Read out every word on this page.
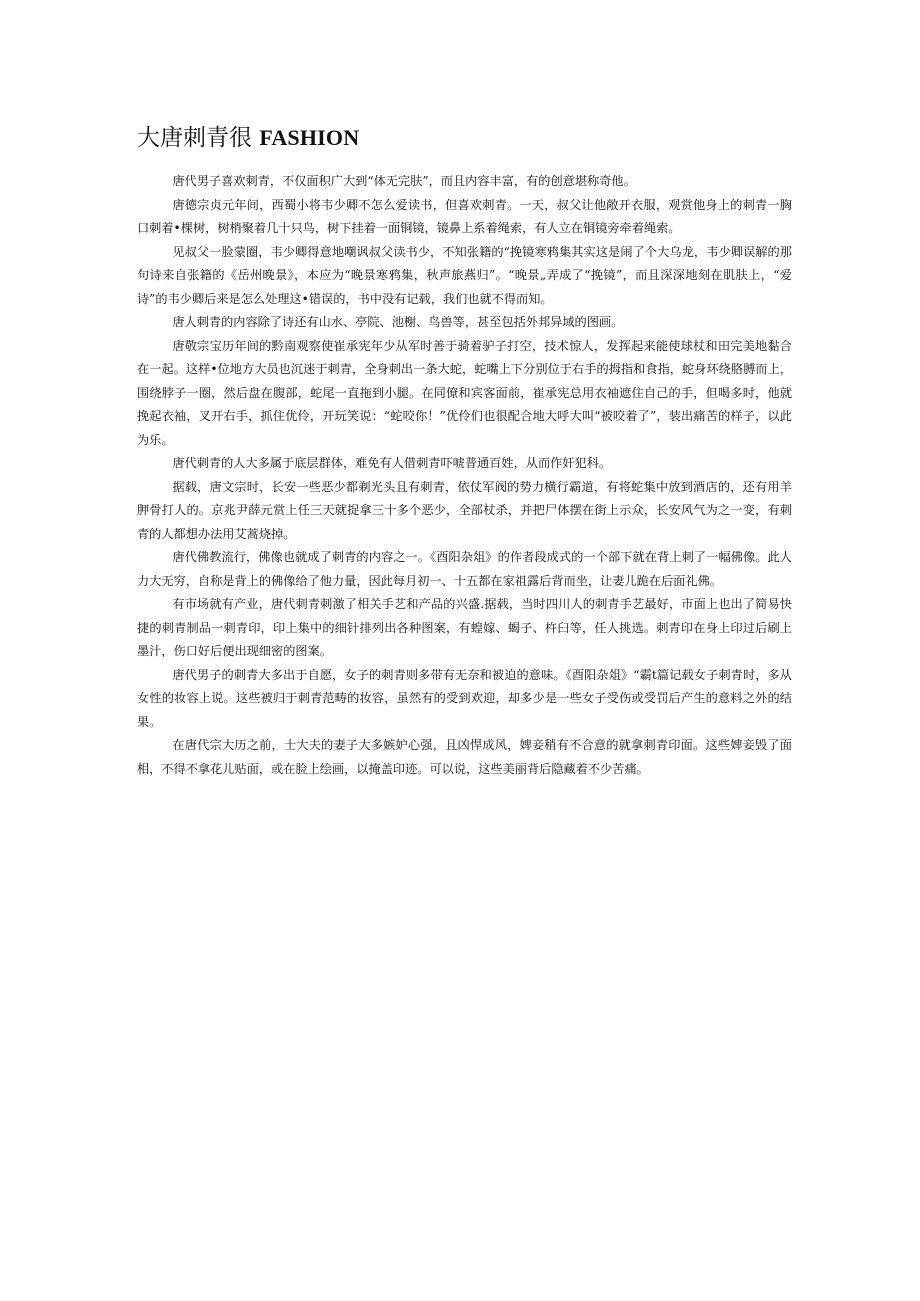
大唐刺青很 FASHION

唐代男子喜欢刺青，不仅面积广大到“体无完肤”，而且内容丰富，有的创意堪称奇他。

唐德宗贞元年间，西蜀小将韦少卿不怎么爱读书，但喜欢刺青。一天，叔父让他敞开衣服，观赏他身上的刺青一胸口刺着•棵树，树梢聚着几十只鸟，树下挂着一面铜镜，镜鼻上系着绳索，有人立在铜镜旁牵着绳索。

见叔父一脸蒙圈，韦少卿得意地嘲讽叔父读书少，不知张籍的“挽镜寒鸦集其实这是闹了个大乌龙，韦少卿误解的那句诗来自张籍的《岳州晚景》，本应为“晚景寒鸦集，秋声旅燕归”。“晚景„弄成了“挽镜”，而且深深地刻在肌肤上，“爱诗”的韦少卿后来是怎么处理这•错误的，书中没有记载，我们也就不得而知。

唐人刺青的内容除了诗还有山水、亭院、池榭、鸟兽等，甚至包括外邦异域的图画。

唐敬宗宝历年间的黔南观察使崔承宪年少从军时善于骑着驴子打空，技术惊人，发挥起来能使球杖和田完美地黏合在一起。这样•位地方大员也沉迷于刺青，全身刺出一条大蛇，蛇嘴上下分别位于右手的拇指和食指，蛇身环绕胳膊而上，围绕脖子一圈，然后盘在腹部，蛇尾一直拖到小腿。在同僚和宾客面前，崔承宪总用衣袖遮住自己的手，但喝多时，他就挽起衣袖，叉开右手，抓住优伶，开玩笑说：“蛇咬你！”优伶们也很配合地大呼大叫“被咬着了”，装出痛苦的样子，以此为乐。

唐代刺青的人大多属于底层群体，难免有人借刺青吓唬普通百姓，从而作奸犯科。

据载，唐文宗时，长安一些恶少都剃光头且有刺青，依仗军阀的势力横行霸道，有将蛇集中放到酒店的，还有用羊胛骨打人的。京兆尹薛元赏上任三天就捉拿三十多个恶少，全部杖杀，并把尸体摆在街上示众，长安风气为之一变，有刺青的人都想办法用艾蒿烧掉。

唐代佛教流行，佛像也就成了刺青的内容之一。《酉阳杂俎》的作者段成式的一个部下就在背上刺了一幅佛像。此人力大无穷，自称是背上的佛像给了他力量，因此每月初一、十五都在家祖露后背而坐，让妻儿跪在后面礼佛。

有市场就有产业，唐代刺青刺激了相关手艺和产品的兴盛.据载，当时四川人的刺青手艺最好，市面上也出了简易快捷的刺青制品一刺青印，印上集中的细针排列出各种图案，有蝗嫁、蝎子、杵臼等，任人挑选。刺青印在身上印过后刷上墨汁，伤口好后便出现细密的图案。

唐代男子的刺青大多出于自愿，女子的刺青则多带有无奈和被迫的意味。《酉阳杂俎》“霸t篇记载女子刺青时，多从女性的妆容上说。这些被归于刺青范畴的妆容，虽然有的受到欢迎，却多少是一些女子受伤或受罚后产生的意料之外的结果。

在唐代宗大历之前，士大夫的妻子大多嫉妒心强，且凶悍成风，婢妾稍有不合意的就拿刺青印面。这些婢妾毁了面相，不得不拿花儿贴面，或在脸上绘画，以掩盖印迹。可以说，这些美丽背后隐藏着不少苦痛。
